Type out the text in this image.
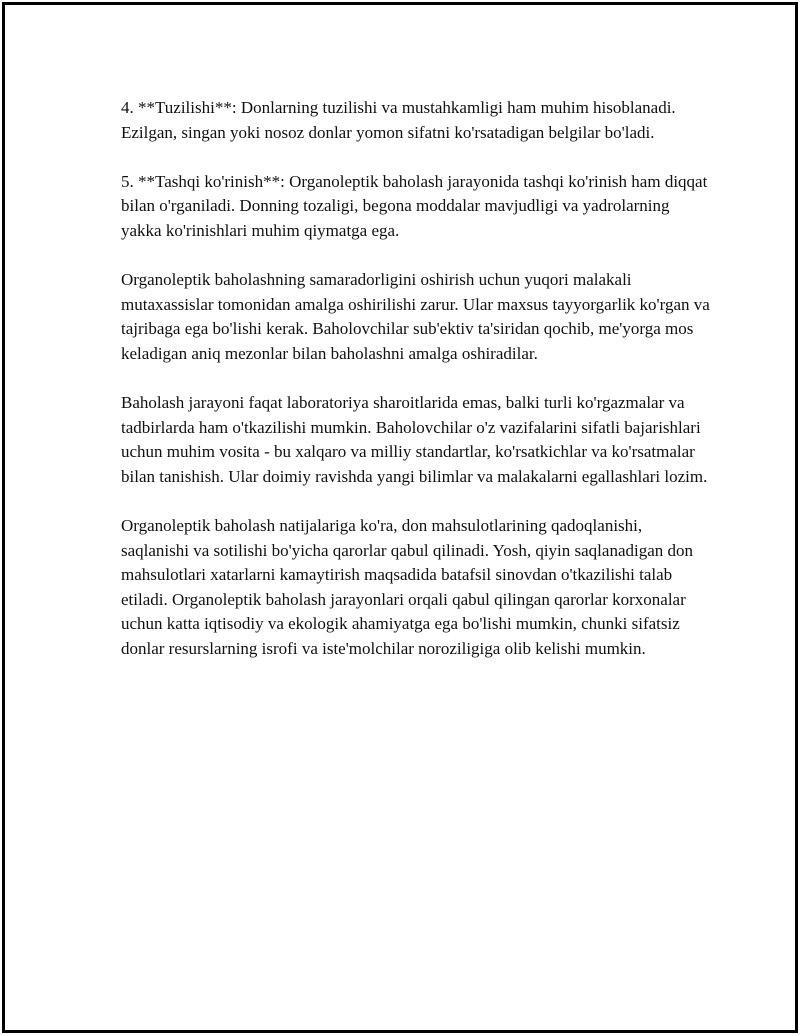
4. **Tuzilishi**: Donlarning tuzilishi va mustahkamligi ham muhim hisoblanadi. Ezilgan, singan yoki nosoz donlar yomon sifatni ko'rsatadigan belgilar bo'ladi.

5. **Tashqi ko'rinish**: Organoleptik baholash jarayonida tashqi ko'rinish ham diqqat bilan o'rganiladi. Donning tozaligi, begona moddalar mavjudligi va yadrolarning yakka ko'rinishlari muhim qiymatga ega.

Organoleptik baholashning samaradorligini oshirish uchun yuqori malakali mutaxassislar tomonidan amalga oshirilishi zarur. Ular maxsus tayyorgarlik ko'rgan va tajribaga ega bo'lishi kerak. Baholovchilar sub'ektiv ta'siridan qochib, me'yorga mos keladigan aniq mezonlar bilan baholashni amalga oshiradilar.

Baholash jarayoni faqat laboratoriya sharoitlarida emas, balki turli ko'rgazmalar va tadbirlarda ham o'tkazilishi mumkin. Baholovchilar o'z vazifalarini sifatli bajarishlari uchun muhim vosita - bu xalqaro va milliy standartlar, ko'rsatkichlar va ko'rsatmalar bilan tanishish. Ular doimiy ravishda yangi bilimlar va malakalarni egallashlari lozim.

Organoleptik baholash natijalariga ko'ra, don mahsulotlarining qadoqlanishi, saqlanishi va sotilishi bo'yicha qarorlar qabul qilinadi. Yosh, qiyin saqlanadigan don mahsulotlari xatarlarni kamaytirish maqsadida batafsil sinovdan o'tkazilishi talab etiladi. Organoleptik baholash jarayonlari orqali qabul qilingan qarorlar korxonalar uchun katta iqtisodiy va ekologik ahamiyatga ega bo'lishi mumkin, chunki sifatsiz donlar resurslarning isrofi va iste'molchilar noroziligiga olib kelishi mumkin.
